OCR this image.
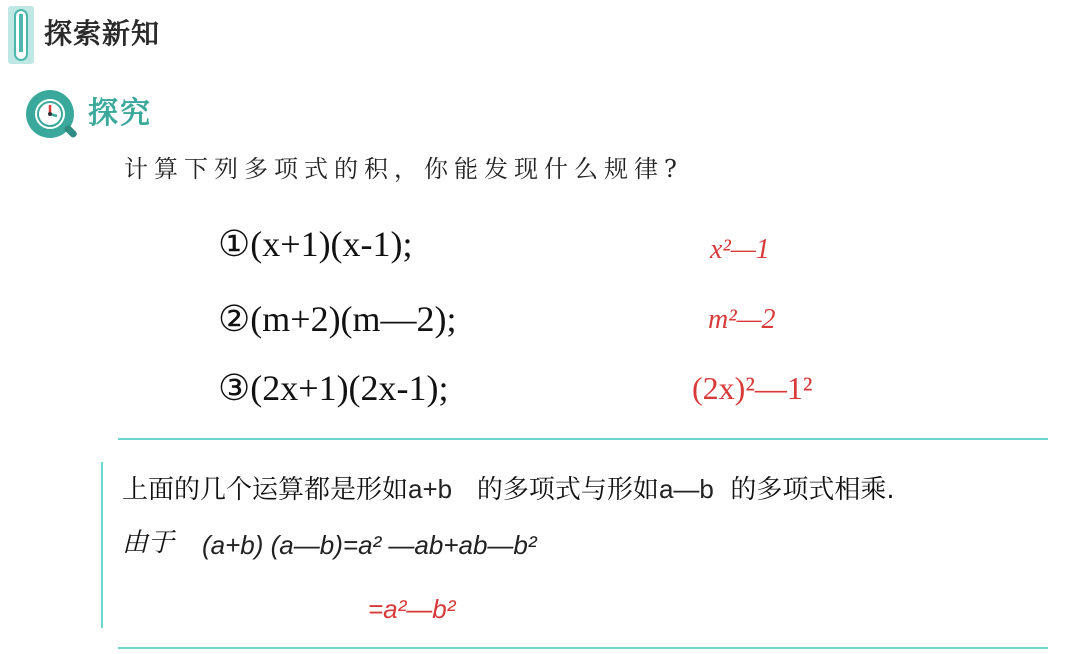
探索新知
探究
计算下列多项式的积，你能发现什么规律?
①(x+1)(x-1);
②(m+2)(m—2);
③(2x+1)(2x-1);
x²—1
m²—2
(2x)²—1²
上面的几个运算都是形如a+b 的多项式与形如a—b 的多项式相乘.
由于 (a+b) (a—b)=a² —ab+ab—b²
=a²—b²
